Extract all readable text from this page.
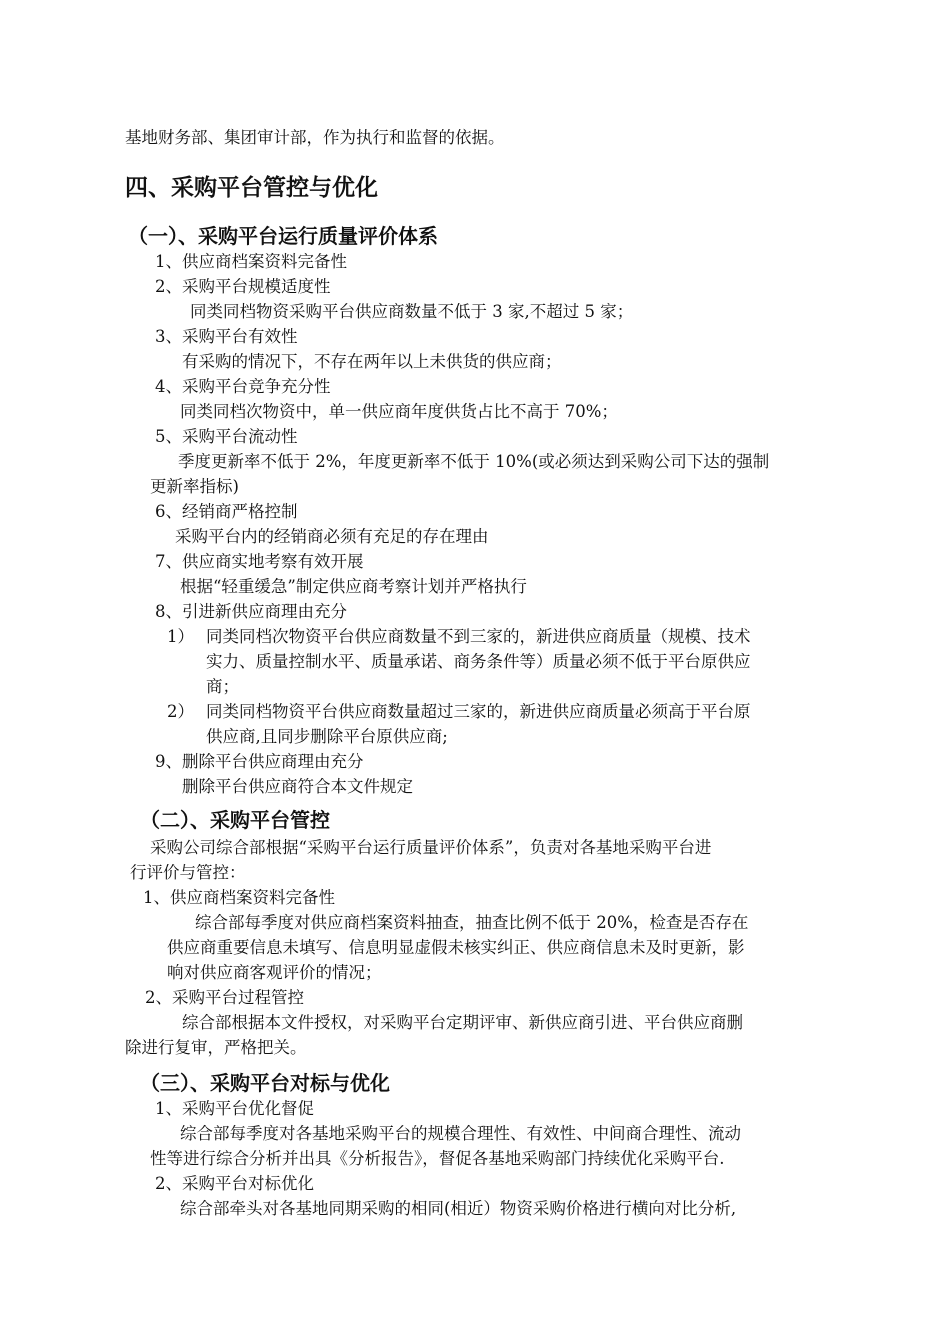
基地财务部、集团审计部，作为执行和监督的依据。
四、采购平台管控与优化
（一）、采购平台运行质量评价体系
1、供应商档案资料完备性
2、采购平台规模适度性
同类同档物资采购平台供应商数量不低于 3 家,不超过 5 家；
3、采购平台有效性
有采购的情况下，不存在两年以上未供货的供应商；
4、采购平台竞争充分性
同类同档次物资中，单一供应商年度供货占比不高于 70%；
5、采购平台流动性
季度更新率不低于 2%，年度更新率不低于 10%(或必须达到采购公司下达的强制
更新率指标)
6、经销商严格控制
采购平台内的经销商必须有充足的存在理由
7、供应商实地考察有效开展
根据“轻重缓急”制定供应商考察计划并严格执行
8、引进新供应商理由充分
1） 同类同档次物资平台供应商数量不到三家的，新进供应商质量（规模、技术
实力、质量控制水平、质量承诺、商务条件等）质量必须不低于平台原供应
商；
2） 同类同档物资平台供应商数量超过三家的，新进供应商质量必须高于平台原
供应商,且同步删除平台原供应商;
9、删除平台供应商理由充分
删除平台供应商符合本文件规定
（二）、采购平台管控
采购公司综合部根据“采购平台运行质量评价体系”，负责对各基地采购平台进
行评价与管控：
1、供应商档案资料完备性
综合部每季度对供应商档案资料抽查，抽查比例不低于 20%，检查是否存在
供应商重要信息未填写、信息明显虚假未核实纠正、供应商信息未及时更新，影
响对供应商客观评价的情况；
2、采购平台过程管控
综合部根据本文件授权，对采购平台定期评审、新供应商引进、平台供应商删
除进行复审，严格把关。
（三）、采购平台对标与优化
1、采购平台优化督促
综合部每季度对各基地采购平台的规模合理性、有效性、中间商合理性、流动
性等进行综合分析并出具《分析报告》，督促各基地采购部门持续优化采购平台.
2、采购平台对标优化
综合部牵头对各基地同期采购的相同(相近）物资采购价格进行横向对比分析,
